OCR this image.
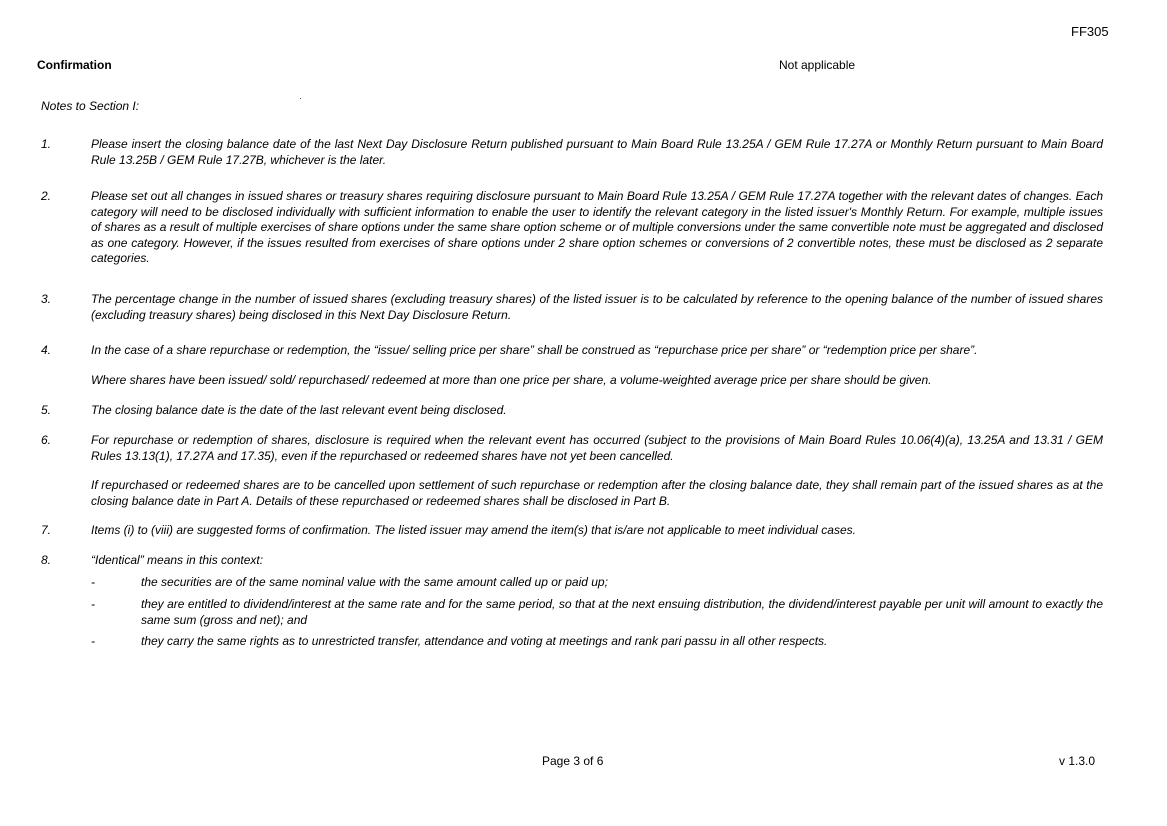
FF305
Confirmation	Not applicable
Notes to Section I:
1.	Please insert the closing balance date of the last Next Day Disclosure Return published pursuant to Main Board Rule 13.25A / GEM Rule 17.27A or Monthly Return pursuant to Main Board Rule 13.25B / GEM Rule 17.27B, whichever is the later.
2.	Please set out all changes in issued shares or treasury shares requiring disclosure pursuant to Main Board Rule 13.25A / GEM Rule 17.27A together with the relevant dates of changes. Each category will need to be disclosed individually with sufficient information to enable the user to identify the relevant category in the listed issuer's Monthly Return. For example, multiple issues of shares as a result of multiple exercises of share options under the same share option scheme or of multiple conversions under the same convertible note must be aggregated and disclosed as one category. However, if the issues resulted from exercises of share options under 2 share option schemes or conversions of 2 convertible notes, these must be disclosed as 2 separate categories.
3.	The percentage change in the number of issued shares (excluding treasury shares) of the listed issuer is to be calculated by reference to the opening balance of the number of issued shares (excluding treasury shares) being disclosed in this Next Day Disclosure Return.
4.	In the case of a share repurchase or redemption, the “issue/ selling price per share” shall be construed as “repurchase price per share” or “redemption price per share”.
Where shares have been issued/ sold/ repurchased/ redeemed at more than one price per share, a volume-weighted average price per share should be given.
5.	The closing balance date is the date of the last relevant event being disclosed.
6.	For repurchase or redemption of shares, disclosure is required when the relevant event has occurred (subject to the provisions of Main Board Rules 10.06(4)(a), 13.25A and 13.31 / GEM Rules 13.13(1), 17.27A and 17.35), even if the repurchased or redeemed shares have not yet been cancelled.
If repurchased or redeemed shares are to be cancelled upon settlement of such repurchase or redemption after the closing balance date, they shall remain part of the issued shares as at the closing balance date in Part A. Details of these repurchased or redeemed shares shall be disclosed in Part B.
7.	Items (i) to (viii) are suggested forms of confirmation. The listed issuer may amend the item(s) that is/are not applicable to meet individual cases.
8.	“Identical” means in this context:
-	the securities are of the same nominal value with the same amount called up or paid up;
-	they are entitled to dividend/interest at the same rate and for the same period, so that at the next ensuing distribution, the dividend/interest payable per unit will amount to exactly the same sum (gross and net); and
-	they carry the same rights as to unrestricted transfer, attendance and voting at meetings and rank pari passu in all other respects.
Page 3 of 6	v 1.3.0
